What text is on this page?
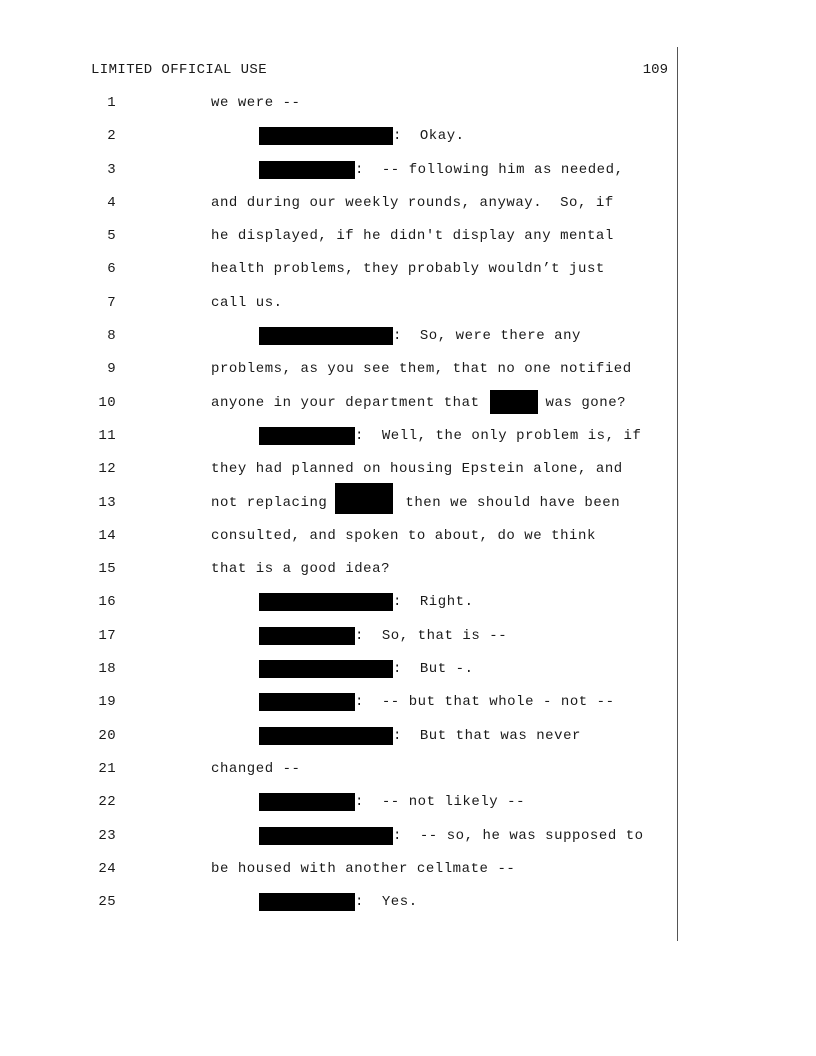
LIMITED OFFICIAL USE	109
1	we were --
2	:  Okay.
3	:  -- following him as needed,
4	and during our weekly rounds, anyway.  So, if
5	he displayed, if he didn't display any mental
6	health problems, they probably wouldn’t just
7	call us.
8	:  So, were there any
9	problems, as you see them, that no one notified
10	anyone in your department that	was gone?
11	:  Well, the only problem is, if
12	they had planned on housing Epstein alone, and
13	not replacing	then we should have been
14	consulted, and spoken to about, do we think
15	that is a good idea?
16	:  Right.
17	:  So, that is --
18	:  But -.
19	:  -- but that whole - not --
20	:  But that was never
21	changed --
22	:  -- not likely --
23	:  -- so, he was supposed to
24	be housed with another cellmate --
25	:  Yes.
